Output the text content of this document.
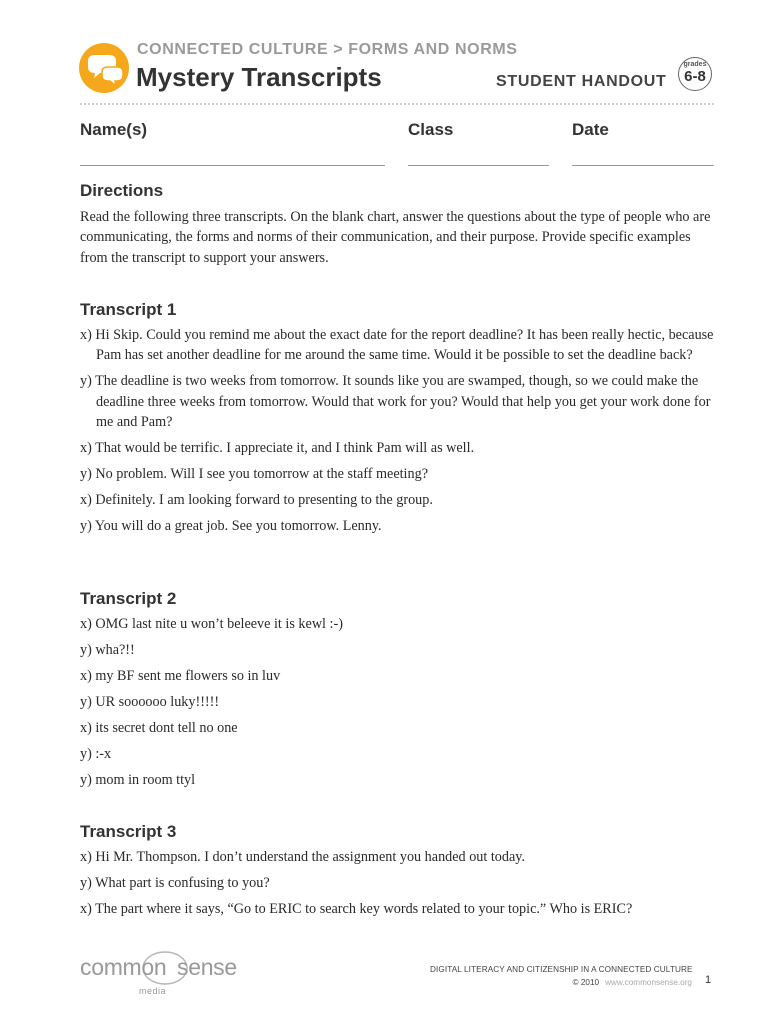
CONNECTED CULTURE > FORMS AND NORMS
Mystery Transcripts	STUDENT HANDOUT
grades
6-8
Name(s)	Class	Date
Directions
Read the following three transcripts. On the blank chart, answer the questions about the type of people who are communicating, the forms and norms of their communication, and their purpose. Provide specific examples from the transcript to support your answers.
Transcript 1
x) Hi Skip. Could you remind me about the exact date for the report deadline? It has been really hectic, because Pam has set another deadline for me around the same time. Would it be possible to set the deadline back?
y) The deadline is two weeks from tomorrow. It sounds like you are swamped, though, so we could make the deadline three weeks from tomorrow. Would that work for you? Would that help you get your work done for me and Pam?
x) That would be terrific. I appreciate it, and I think Pam will as well.
y) No problem. Will I see you tomorrow at the staff meeting?
x) Definitely. I am looking forward to presenting to the group.
y) You will do a great job. See you tomorrow. Lenny.
Transcript 2
x) OMG last nite u won’t beleeve it is kewl :-)
y) wha?!!
x) my BF sent me flowers so in luv
y) UR soooooo luky!!!!!
x) its secret dont tell no one
y) :-x
y) mom in room ttyl
Transcript 3
x) Hi Mr. Thompson. I don’t understand the assignment you handed out today.
y) What part is confusing to you?
x) The part where it says, “Go to ERIC to search key words related to your topic.” Who is ERIC?
common sense
media
DIGITAL LITERACY AND CITIZENSHIP IN A CONNECTED CULTURE
© 2010 www.commonsense.org 1
